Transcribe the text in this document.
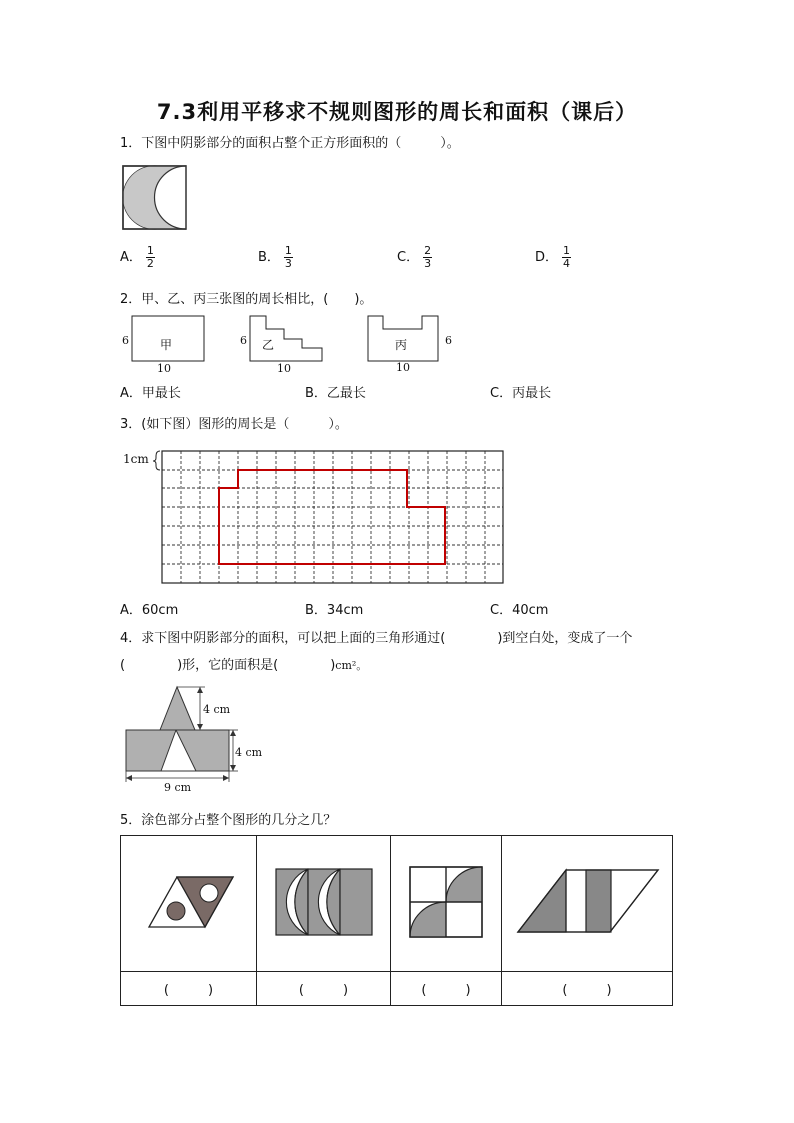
7.3利用平移求不规则图形的周长和面积（课后）
1．下图中阴影部分的面积占整个正方形面积的（　　　）。
A． $\frac{1}{2}$	B． $\frac{1}{3}$	C． $\frac{2}{3}$	D． $\frac{1}{4}$
2．甲、乙、丙三张图的周长相比，(　　)。
6	甲
10
6 乙
10
6
丙
10
A．甲最长	B．乙最长	C．丙最长
3．(如下图）图形的周长是（　　　）。
1cm
A．60cm	B．34cm	C．40cm
4．求下图中阴影部分的面积，可以把上面的三角形通过(　　　　)到空白处，变成了一个
(　　　　)形，它的面积是(　　　　)cm²。
4 cm
4 cm
9 cm
5．涂色部分占整个图形的几分之几？

(　　　)	(　　　)	(　　　)	(　　　)
